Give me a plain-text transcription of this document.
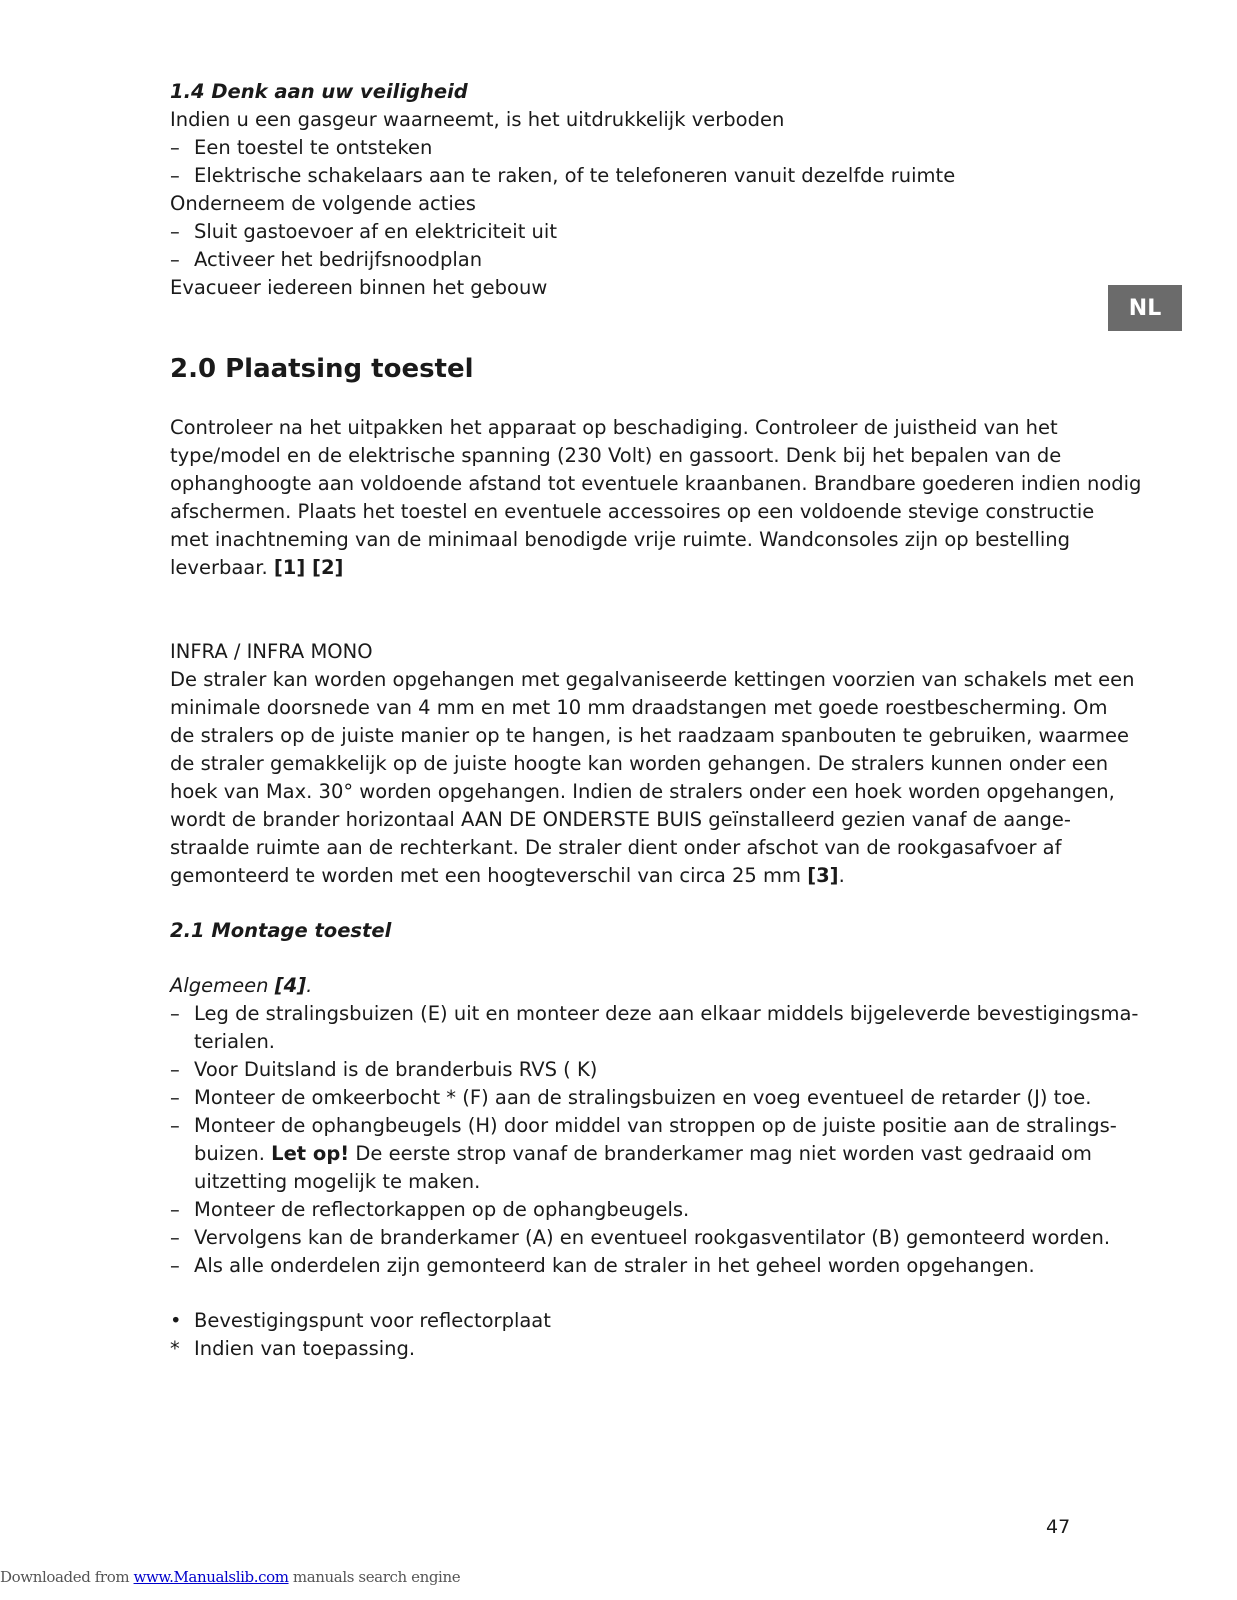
1.4 Denk aan uw veiligheid
Indien u een gasgeur waarneemt, is het uitdrukkelijk verboden
– Een toestel te ontsteken
– Elektrische schakelaars aan te raken, of te telefoneren vanuit dezelfde ruimte
Onderneem de volgende acties
– Sluit gastoevoer af en elektriciteit uit
– Activeer het bedrijfsnoodplan
Evacueer iedereen binnen het gebouw
2.0 Plaatsing toestel
Controleer na het uitpakken het apparaat op beschadiging. Controleer de juistheid van het
type/model en de elektrische spanning (230 Volt) en gassoort. Denk bij het bepalen van de
ophanghoogte aan voldoende afstand tot eventuele kraanbanen. Brandbare goederen indien nodig
afschermen. Plaats het toestel en eventuele accessoires op een voldoende stevige constructie
met inachtneming van de minimaal benodigde vrije ruimte. Wandconsoles zijn op bestelling
leverbaar. [1] [2]
INFRA / INFRA MONO
De straler kan worden opgehangen met gegalvaniseerde kettingen voorzien van schakels met een
minimale doorsnede van 4 mm en met 10 mm draadstangen met goede roestbescherming. Om
de stralers op de juiste manier op te hangen, is het raadzaam spanbouten te gebruiken, waarmee
de straler gemakkelijk op de juiste hoogte kan worden gehangen. De stralers kunnen onder een
hoek van Max. 30° worden opgehangen. Indien de stralers onder een hoek worden opgehangen,
wordt de brander horizontaal AAN DE ONDERSTE BUIS geïnstalleerd gezien vanaf de aange-
straalde ruimte aan de rechterkant. De straler dient onder afschot van de rookgasafvoer af
gemonteerd te worden met een hoogteverschil van circa 25 mm [3].
2.1 Montage toestel
Algemeen [4].
– Leg de stralingsbuizen (E) uit en monteer deze aan elkaar middels bijgeleverde bevestigingsma-
terialen.
– Voor Duitsland is de branderbuis RVS ( K)
– Monteer de omkeerbocht * (F) aan de stralingsbuizen en voeg eventueel de retarder (J) toe.
– Monteer de ophangbeugels (H) door middel van stroppen op de juiste positie aan de stralings-
buizen. Let op! De eerste strop vanaf de branderkamer mag niet worden vast gedraaid om
uitzetting mogelijk te maken.
– Monteer de reflectorkappen op de ophangbeugels.
– Vervolgens kan de branderkamer (A) en eventueel rookgasventilator (B) gemonteerd worden.
– Als alle onderdelen zijn gemonteerd kan de straler in het geheel worden opgehangen.
• Bevestigingspunt voor reflectorplaat
* Indien van toepassing.
NL
47
Downloaded from www.Manualslib.com manuals search engine
